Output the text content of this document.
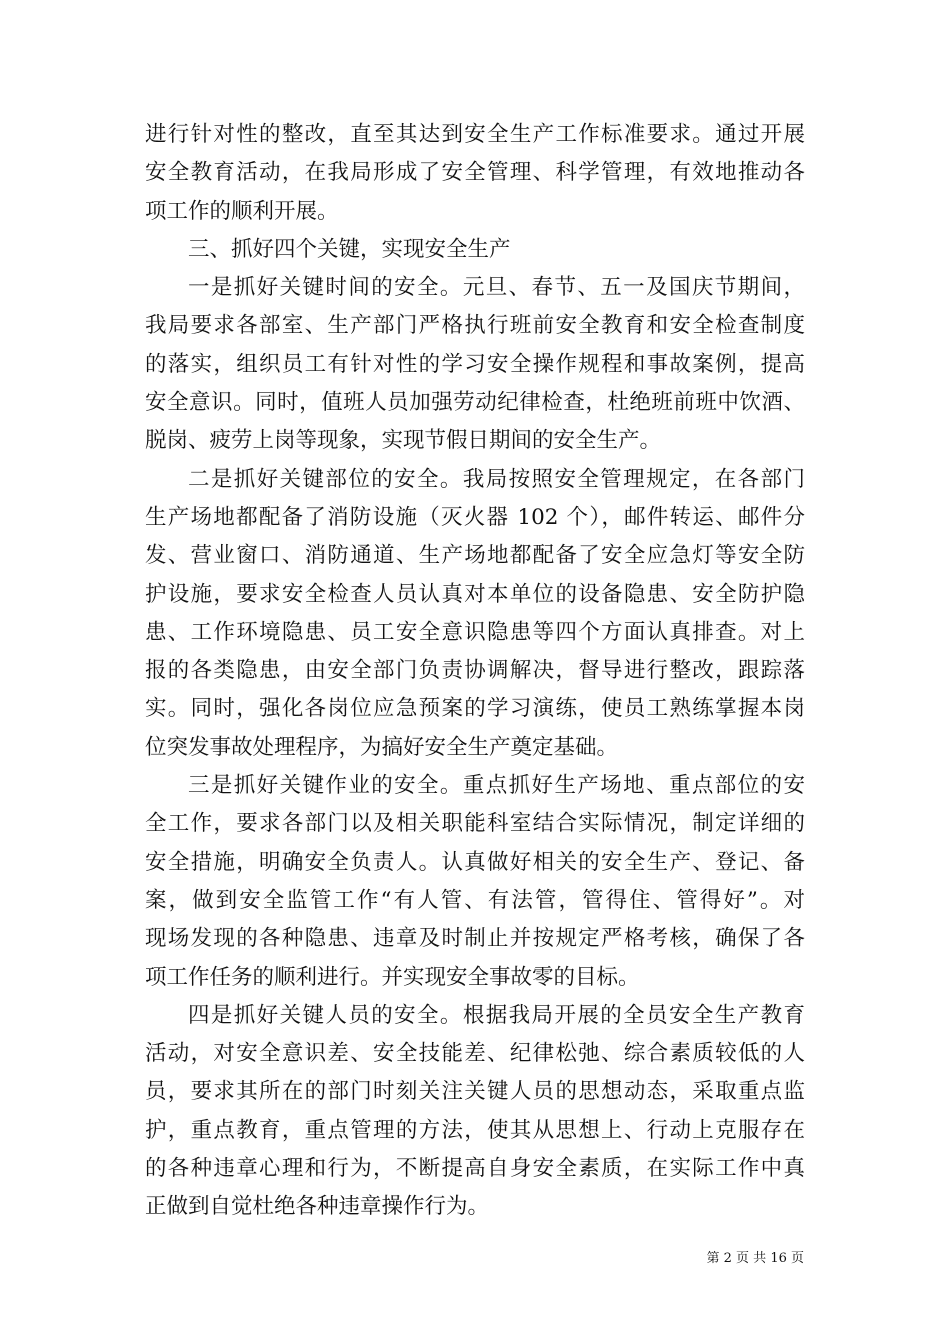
进行针对性的整改，直至其达到安全生产工作标准要求。通过开展
安全教育活动，在我局形成了安全管理、科学管理，有效地推动各
项工作的顺利开展。
三、抓好四个关键，实现安全生产
一是抓好关键时间的安全。元旦、春节、五一及国庆节期间，
我局要求各部室、生产部门严格执行班前安全教育和安全检查制度
的落实，组织员工有针对性的学习安全操作规程和事故案例，提高
安全意识。同时，值班人员加强劳动纪律检查，杜绝班前班中饮酒、
脱岗、疲劳上岗等现象，实现节假日期间的安全生产。
二是抓好关键部位的安全。我局按照安全管理规定，在各部门
生产场地都配备了消防设施（灭火器 102 个），邮件转运、邮件分
发、营业窗口、消防通道、生产场地都配备了安全应急灯等安全防
护设施，要求安全检查人员认真对本单位的设备隐患、安全防护隐
患、工作环境隐患、员工安全意识隐患等四个方面认真排查。对上
报的各类隐患，由安全部门负责协调解决，督导进行整改，跟踪落
实。同时，强化各岗位应急预案的学习演练，使员工熟练掌握本岗
位突发事故处理程序，为搞好安全生产奠定基础。
三是抓好关键作业的安全。重点抓好生产场地、重点部位的安
全工作，要求各部门以及相关职能科室结合实际情况，制定详细的
安全措施，明确安全负责人。认真做好相关的安全生产、登记、备
案，做到安全监管工作“有人管、有法管，管得住、管得好”。对
现场发现的各种隐患、违章及时制止并按规定严格考核，确保了各
项工作任务的顺利进行。并实现安全事故零的目标。
四是抓好关键人员的安全。根据我局开展的全员安全生产教育
活动，对安全意识差、安全技能差、纪律松弛、综合素质较低的人
员，要求其所在的部门时刻关注关键人员的思想动态，采取重点监
护，重点教育，重点管理的方法，使其从思想上、行动上克服存在
的各种违章心理和行为，不断提高自身安全素质，在实际工作中真
正做到自觉杜绝各种违章操作行为。
第 2 页 共 16 页
